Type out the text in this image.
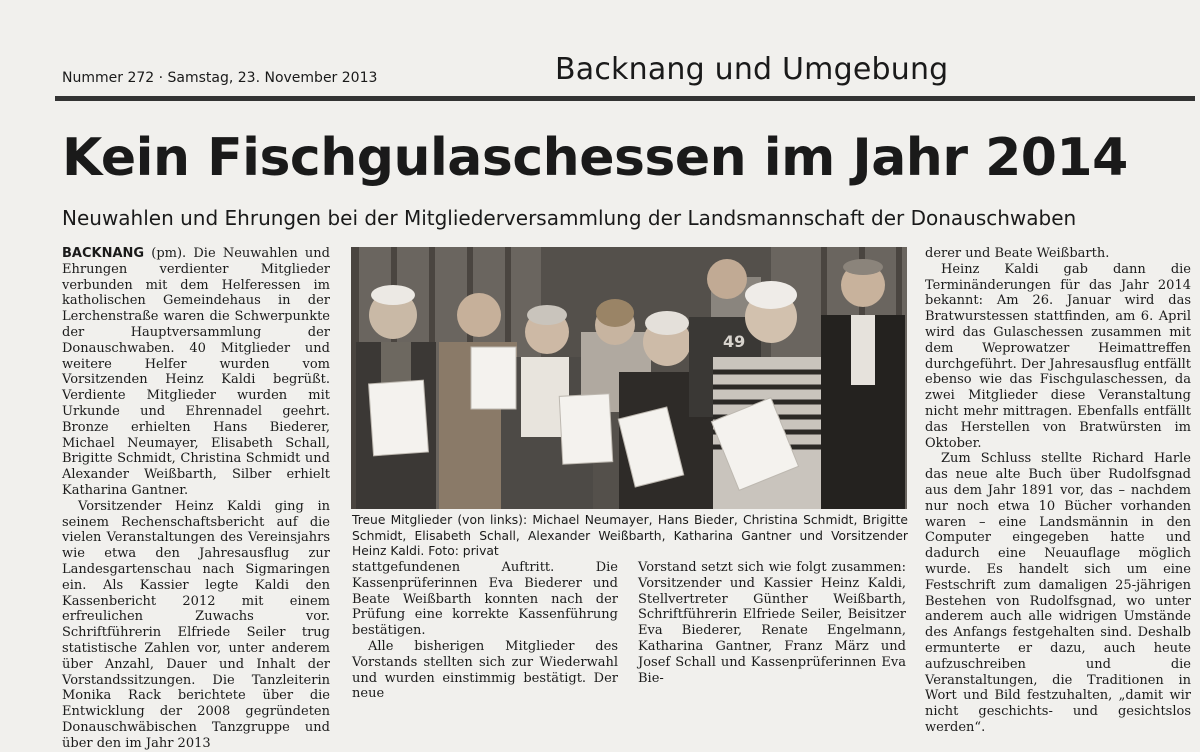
Nummer 272 · Samstag, 23. November 2013	Backnang und Umgebung
Kein Fischgulaschessen im Jahr 2014
Neuwahlen und Ehrungen bei der Mitgliederversammlung der Landsmannschaft der Donauschwaben

BACKNANG (pm). Die Neuwahlen und Ehrungen verdienter Mitglieder verbunden mit dem Helferessen im katholischen Gemeindehaus in der Lerchenstraße waren die Schwerpunkte der Hauptversammlung der Donauschwaben. 40 Mitglieder und weitere Helfer wurden vom Vorsitzenden Heinz Kaldi begrüßt. Verdiente Mitglieder wurden mit Urkunde und Ehrennadel geehrt. Bronze erhielten Hans Biederer, Michael Neumayer, Elisabeth Schall, Brigitte Schmidt, Christina Schmidt und Alexander Weißbarth, Silber erhielt Katharina Gantner.

Vorsitzender Heinz Kaldi ging in seinem Rechenschaftsbericht auf die vielen Veranstaltungen des Vereinsjahrs wie etwa den Jahresausflug zur Landesgartenschau nach Sigmaringen ein. Als Kassier legte Kaldi den Kassenbericht 2012 mit einem erfreulichen Zuwachs vor. Schriftführerin Elfriede Seiler trug statistische Zahlen vor, unter anderem über Anzahl, Dauer und Inhalt der Vorstandssitzungen. Die Tanzleiterin Monika Rack berichtete über die Entwicklung der 2008 gegründeten Donauschwäbischen Tanzgruppe und über den im Jahr 2013

49
Treue Mitglieder (von links): Michael Neumayer, Hans Bieder, Christina Schmidt, Brigitte Schmidt, Elisabeth Schall, Alexander Weißbarth, Katharina Gantner und Vorsitzender Heinz Kaldi. Foto: privat

stattgefundenen Auftritt. Die Kassenprüferinnen Eva Biederer und Beate Weißbarth konnten nach der Prüfung eine korrekte Kassenführung bestätigen.

Alle bisherigen Mitglieder des Vorstands stellten sich zur Wiederwahl und wurden einstimmig bestätigt. Der neue

Vorstand setzt sich wie folgt zusammen: Vorsitzender und Kassier Heinz Kaldi, Stellvertreter Günther Weißbarth, Schriftführerin Elfriede Seiler, Beisitzer Eva Biederer, Renate Engelmann, Katharina Gantner, Franz März und Josef Schall und Kassenprüferinnen Eva Bie-

derer und Beate Weißbarth.

Heinz Kaldi gab dann die Terminänderungen für das Jahr 2014 bekannt: Am 26. Januar wird das Bratwurstessen stattfinden, am 6. April wird das Gulaschessen zusammen mit dem Weprowatzer Heimattreffen durchgeführt. Der Jahresausflug entfällt ebenso wie das Fischgulaschessen, da zwei Mitglieder diese Veranstaltung nicht mehr mittragen. Ebenfalls entfällt das Herstellen von Bratwürsten im Oktober.

Zum Schluss stellte Richard Harle das neue alte Buch über Rudolfsgnad aus dem Jahr 1891 vor, das – nachdem nur noch etwa 10 Bücher vorhanden waren – eine Landsmännin in den Computer eingegeben hatte und dadurch eine Neuauflage möglich wurde. Es handelt sich um eine Festschrift zum damaligen 25-jährigen Bestehen von Rudolfsgnad, wo unter anderem auch alle widrigen Umstände des Anfangs festgehalten sind. Deshalb ermunterte er dazu, auch heute aufzuschreiben und die Veranstaltungen, die Traditionen in Wort und Bild festzuhalten, „damit wir nicht geschichts- und gesichtslos werden“.
